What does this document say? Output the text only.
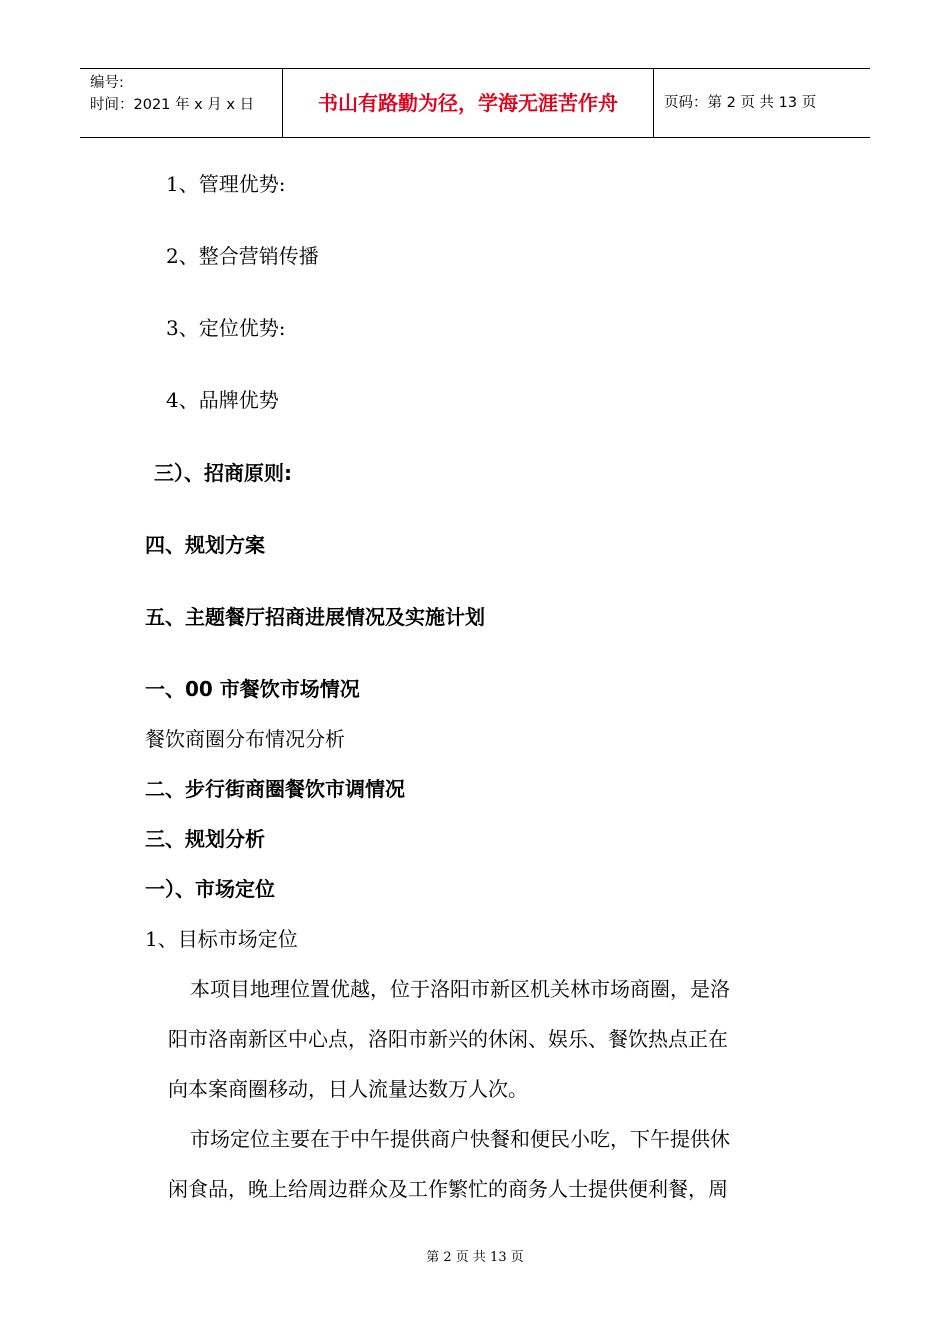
编号:
时间：2021 年 x 月 x 日	书山有路勤为径，学海无涯苦作舟	页码：第 2 页 共 13 页
1、管理优势:
2、整合营销传播
3、定位优势:
4、品牌优势
三）、招商原则:
四、规划方案
五、主题餐厅招商进展情况及实施计划
一、00 市餐饮市场情况
餐饮商圈分布情况分析
二、步行街商圈餐饮市调情况
三、规划分析
一）、市场定位
1、目标市场定位
本项目地理位置优越，位于洛阳市新区机关林市场商圈，是洛
阳市洛南新区中心点，洛阳市新兴的休闲、娱乐、餐饮热点正在
向本案商圈移动，日人流量达数万人次。
市场定位主要在于中午提供商户快餐和便民小吃，下午提供休
闲食品，晚上给周边群众及工作繁忙的商务人士提供便利餐，周
第 2 页 共 13 页
